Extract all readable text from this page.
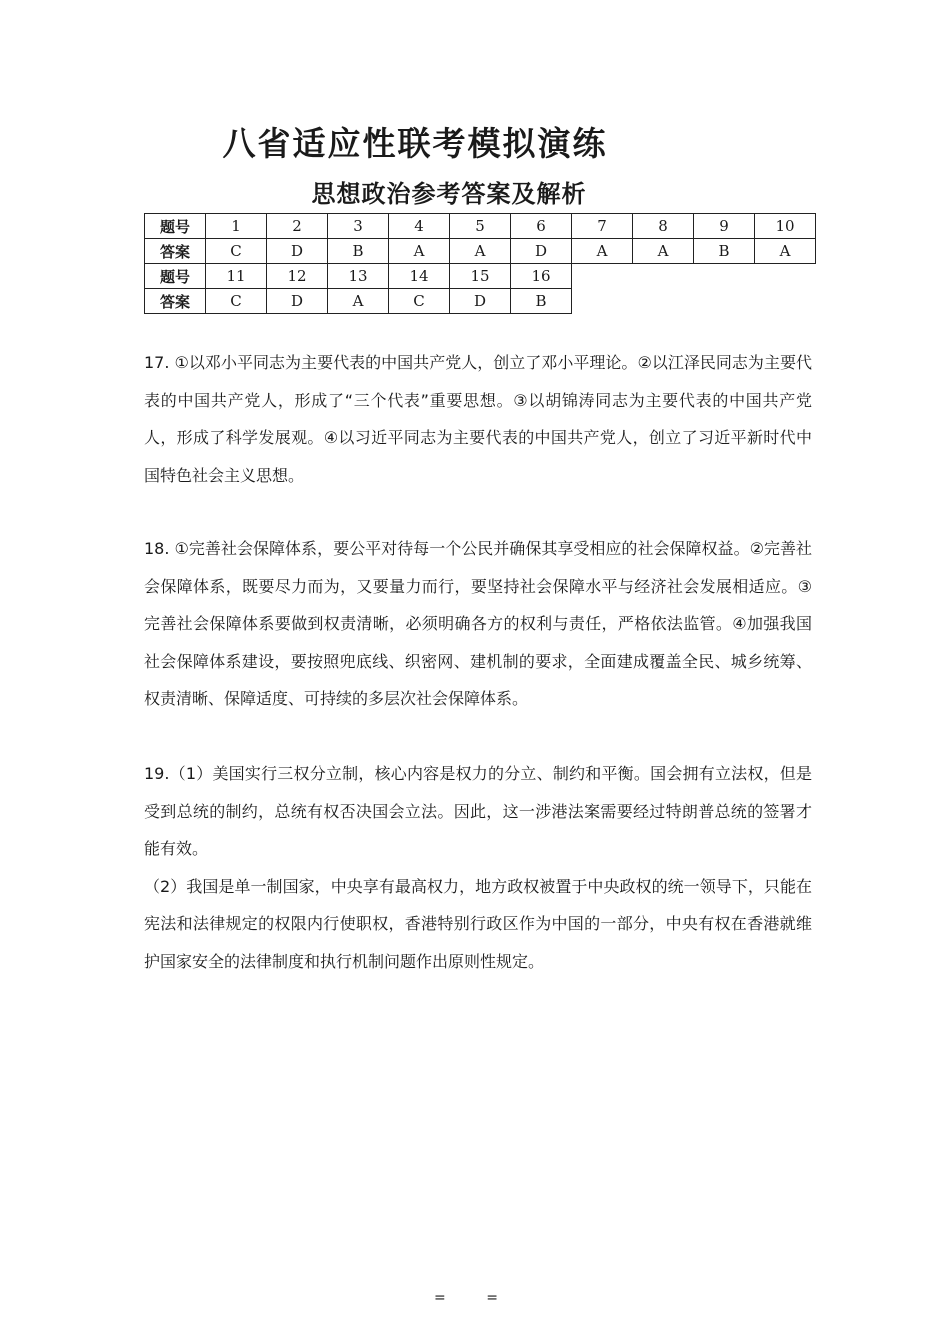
八省适应性联考模拟演练
思想政治参考答案及解析
题号	1	2	3	4	5	6	7	8	9	10
答案	C	D	B	A	A	D	A	A	B	A
题号	11	12	13	14	15	16				
答案	C	D	A	C	D	B				

17. ①以邓小平同志为主要代表的中国共产党人，创立了邓小平理论。②以江泽民同志为主要代表的中国共产党人，形成了“三个代表”重要思想。③以胡锦涛同志为主要代表的中国共产党人，形成了科学发展观。④以习近平同志为主要代表的中国共产党人，创立了习近平新时代中国特色社会主义思想。

18. ①完善社会保障体系，要公平对待每一个公民并确保其享受相应的社会保障权益。②完善社会保障体系，既要尽力而为，又要量力而行，要坚持社会保障水平与经济社会发展相适应。③完善社会保障体系要做到权责清晰，必须明确各方的权利与责任，严格依法监管。④加强我国社会保障体系建设，要按照兜底线、织密网、建机制的要求，全面建成覆盖全民、城乡统筹、权责清晰、保障适度、可持续的多层次社会保障体系。

19.（1）美国实行三权分立制，核心内容是权力的分立、制约和平衡。国会拥有立法权，但是受到总统的制约，总统有权否决国会立法。因此，这一涉港法案需要经过特朗普总统的签署才能有效。

（2）我国是单一制国家，中央享有最高权力，地方政权被置于中央政权的统一领导下，只能在宪法和法律规定的权限内行使职权，香港特别行政区作为中国的一部分，中央有权在香港就维护国家安全的法律制度和执行机制问题作出原则性规定。

= =
